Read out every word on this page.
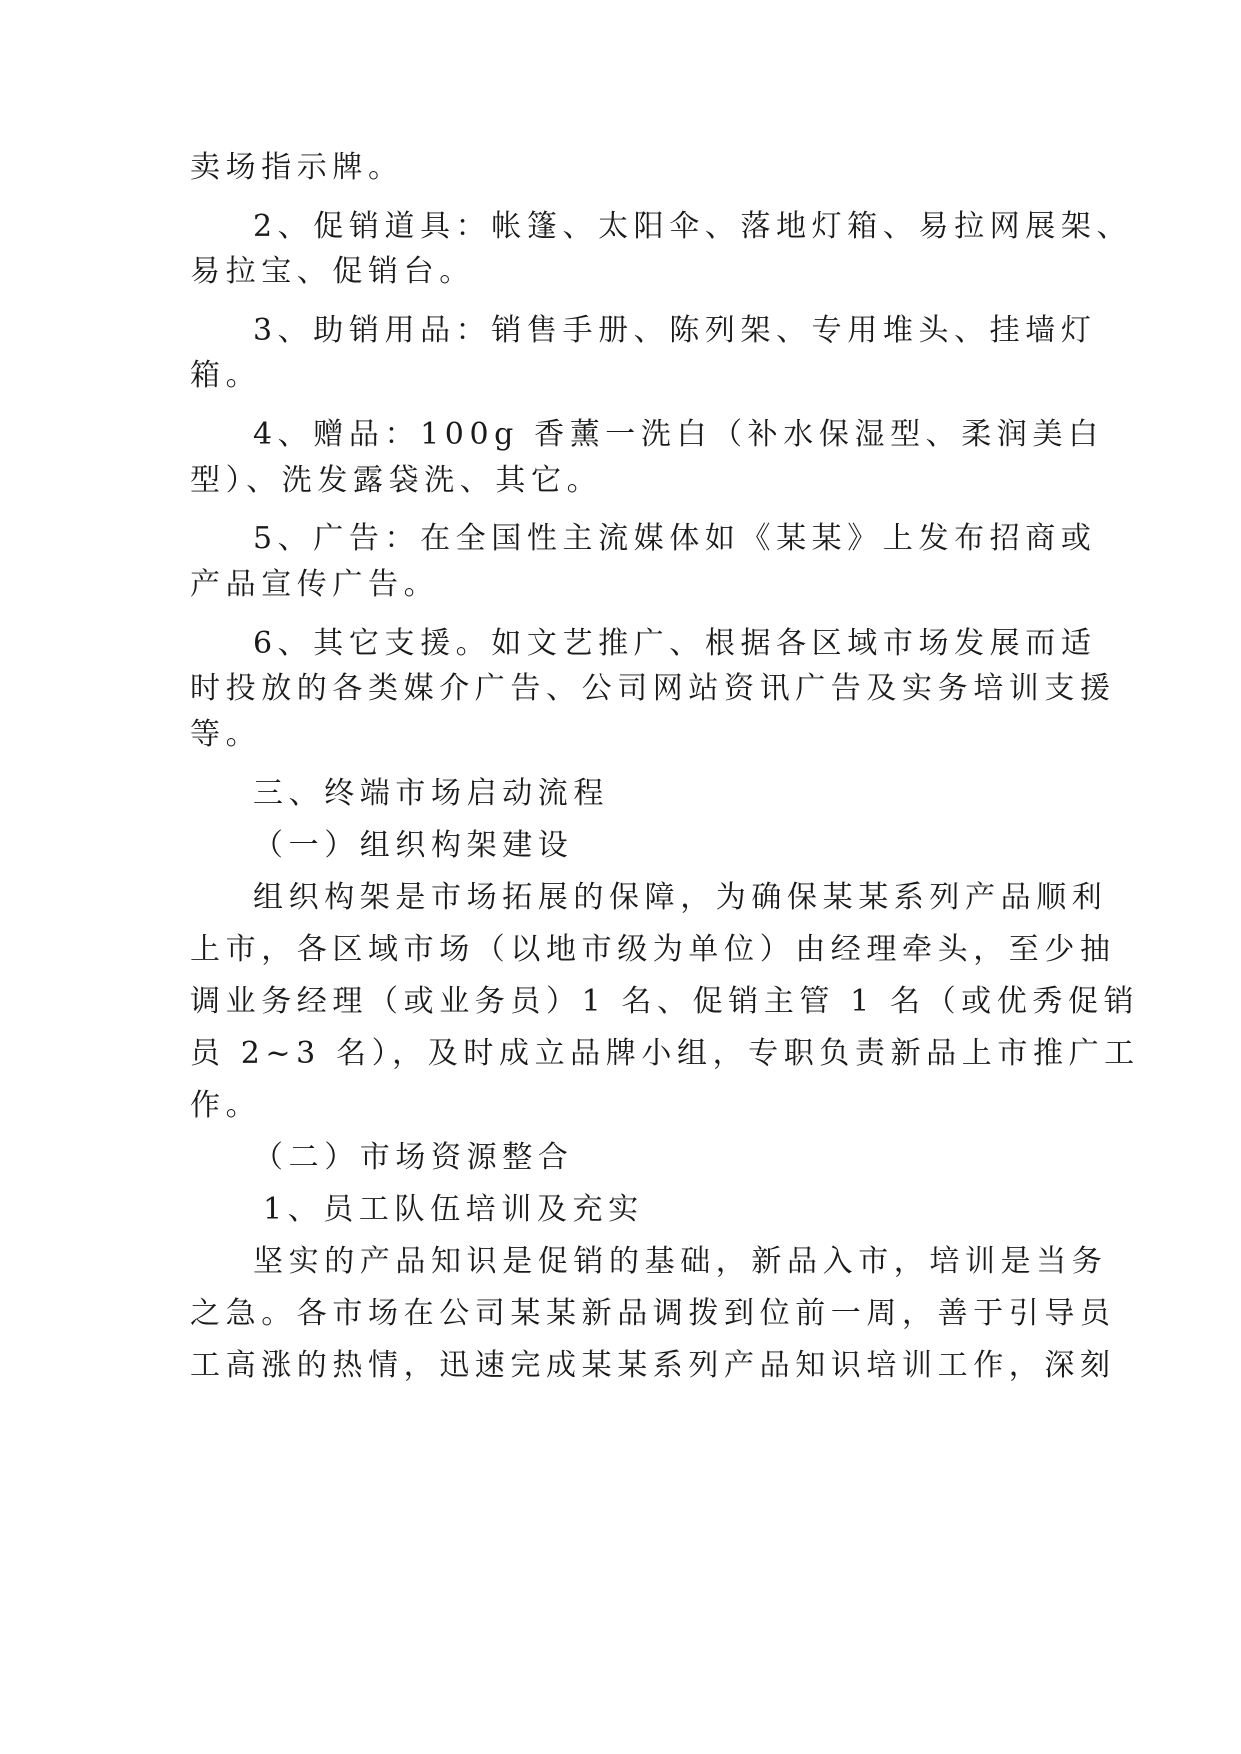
卖场指示牌。
2、促销道具：帐篷、太阳伞、落地灯箱、易拉网展架、
易拉宝、促销台。
3、助销用品：销售手册、陈列架、专用堆头、挂墙灯
箱。
4、赠品：100g 香薰一洗白（补水保湿型、柔润美白
型）、洗发露袋洗、其它。
5、广告：在全国性主流媒体如《某某》上发布招商或
产品宣传广告。
6、其它支援。如文艺推广、根据各区域市场发展而适
时投放的各类媒介广告、公司网站资讯广告及实务培训支援
等。
三、终端市场启动流程
（一）组织构架建设
组织构架是市场拓展的保障，为确保某某系列产品顺利
上市，各区域市场（以地市级为单位）由经理牵头，至少抽
调业务经理（或业务员）1 名、促销主管 1 名（或优秀促销
员 2~3 名），及时成立品牌小组，专职负责新品上市推广工
作。
（二）市场资源整合
1、员工队伍培训及充实
坚实的产品知识是促销的基础，新品入市，培训是当务
之急。各市场在公司某某新品调拨到位前一周，善于引导员
工高涨的热情，迅速完成某某系列产品知识培训工作，深刻
